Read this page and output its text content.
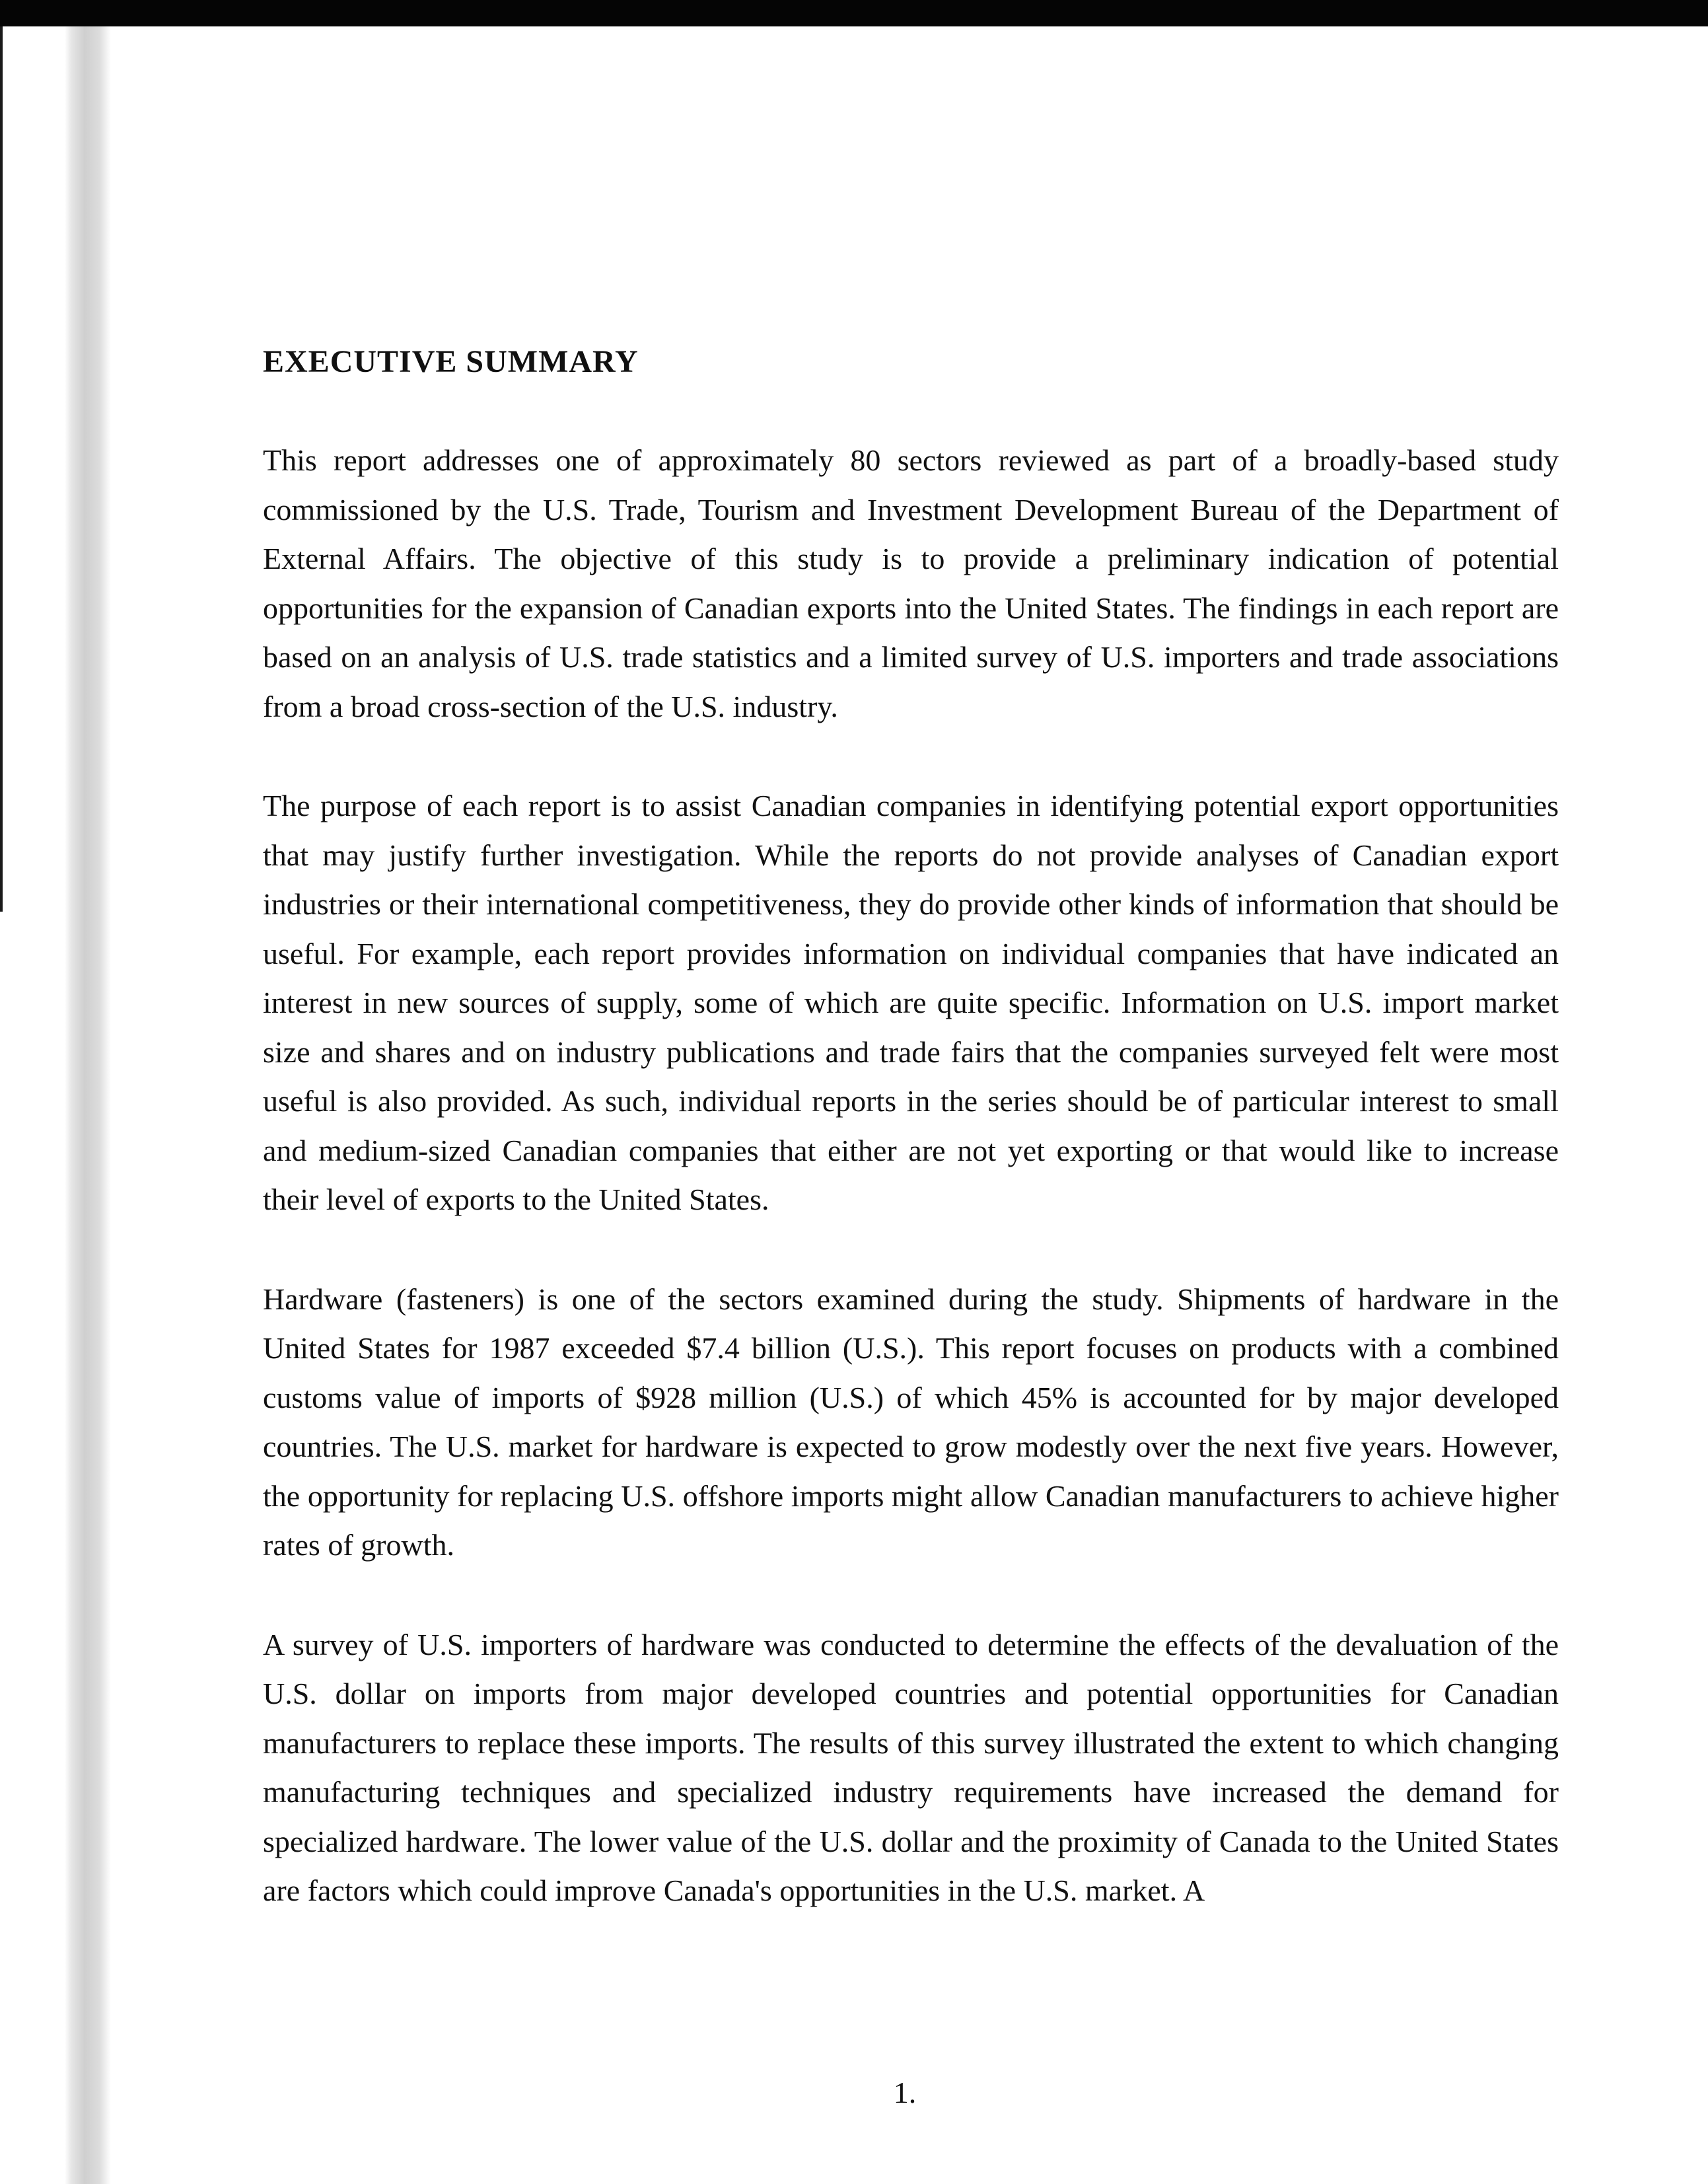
EXECUTIVE SUMMARY

This report addresses one of approximately 80 sectors reviewed as part of a broadly-based study commissioned by the U.S. Trade, Tourism and Investment Development Bureau of the Department of External Affairs. The objective of this study is to provide a preliminary indication of potential opportunities for the expansion of Canadian exports into the United States. The findings in each report are based on an analysis of U.S. trade statistics and a limited survey of U.S. importers and trade associations from a broad cross-section of the U.S. industry.

The purpose of each report is to assist Canadian companies in identifying potential export opportunities that may justify further investigation. While the reports do not provide analyses of Canadian export industries or their international competitiveness, they do provide other kinds of information that should be useful. For example, each report provides information on individual companies that have indicated an interest in new sources of supply, some of which are quite specific. Information on U.S. import market size and shares and on industry publications and trade fairs that the companies surveyed felt were most useful is also provided. As such, individual reports in the series should be of particular interest to small and medium-sized Canadian companies that either are not yet exporting or that would like to increase their level of exports to the United States.

Hardware (fasteners) is one of the sectors examined during the study. Shipments of hardware in the United States for 1987 exceeded $7.4 billion (U.S.). This report focuses on products with a combined customs value of imports of $928 million (U.S.) of which 45% is accounted for by major developed countries. The U.S. market for hardware is expected to grow modestly over the next five years. However, the opportunity for replacing U.S. offshore imports might allow Canadian manufacturers to achieve higher rates of growth.

A survey of U.S. importers of hardware was conducted to determine the effects of the devaluation of the U.S. dollar on imports from major developed countries and potential opportunities for Canadian manufacturers to replace these imports. The results of this survey illustrated the extent to which changing manufacturing techniques and specialized industry requirements have increased the demand for specialized hardware. The lower value of the U.S. dollar and the proximity of Canada to the United States are factors which could improve Canada's opportunities in the U.S. market. A

1.
